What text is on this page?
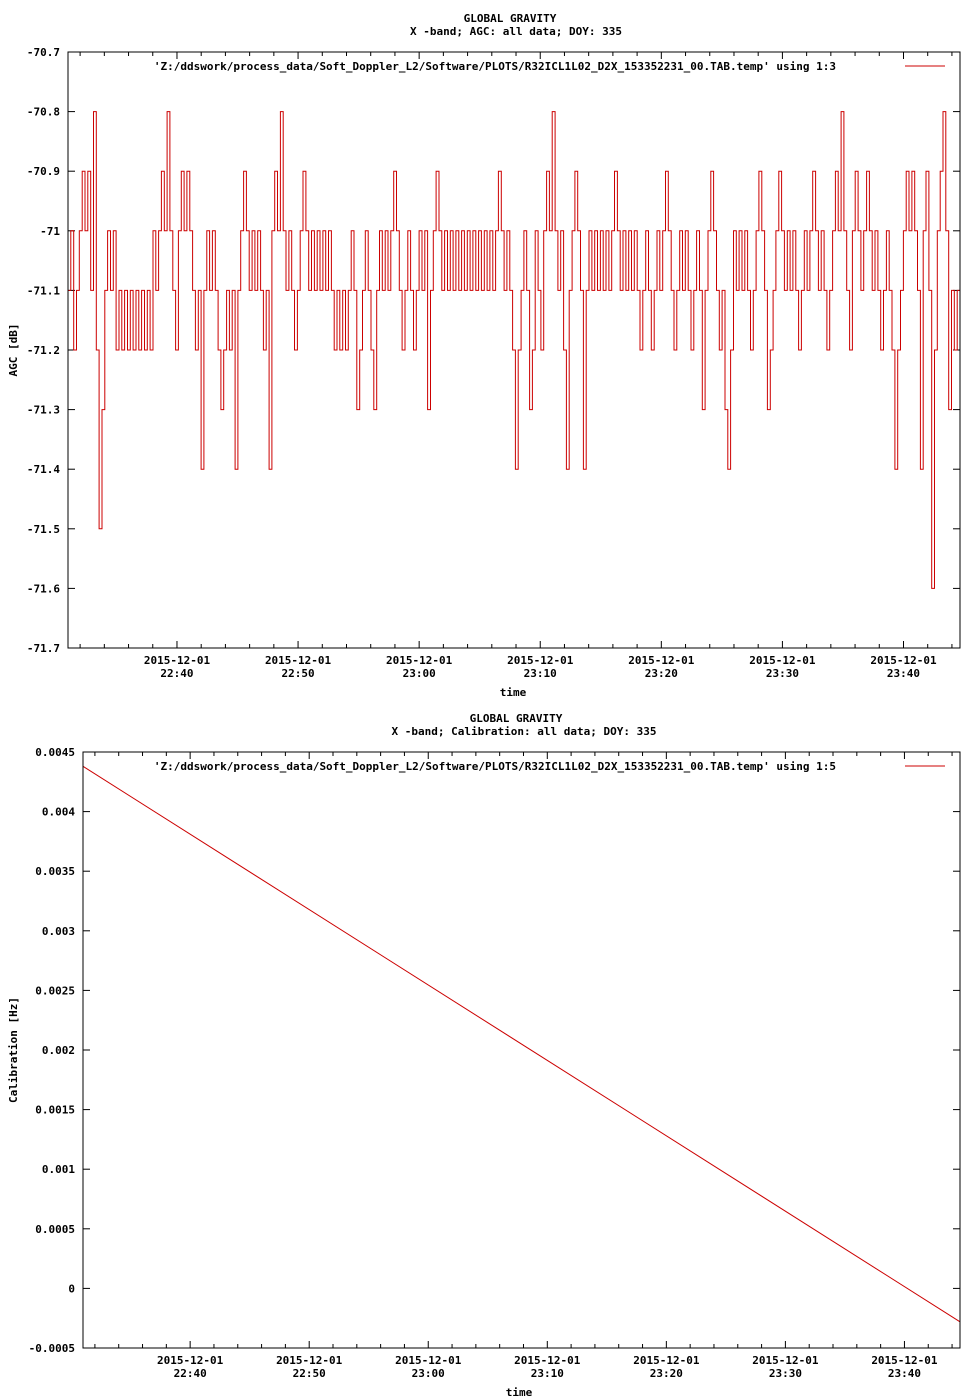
GLOBAL GRAVITY
X -band; AGC: all data; DOY: 335
time
AGC [dB]
'Z:/ddswork/process_data/Soft_Doppler_L2/Software/PLOTS/R32ICL1L02_D2X_153352231_00.TAB.temp' using 1:3
-70.7
-70.8
-70.9
-71
-71.1
-71.2
-71.3
-71.4
-71.5
-71.6
-71.7
2015-12-01
22:40
2015-12-01
22:50
2015-12-01
23:00
2015-12-01
23:10
2015-12-01
23:20
2015-12-01
23:30
2015-12-01
23:40
GLOBAL GRAVITY
X -band; Calibration: all data; DOY: 335
time
Calibration [Hz]
'Z:/ddswork/process_data/Soft_Doppler_L2/Software/PLOTS/R32ICL1L02_D2X_153352231_00.TAB.temp' using 1:5
0.0045
0.004
0.0035
0.003
0.0025
0.002
0.0015
0.001
0.0005
0
-0.0005
2015-12-01
22:40
2015-12-01
22:50
2015-12-01
23:00
2015-12-01
23:10
2015-12-01
23:20
2015-12-01
23:30
2015-12-01
23:40
